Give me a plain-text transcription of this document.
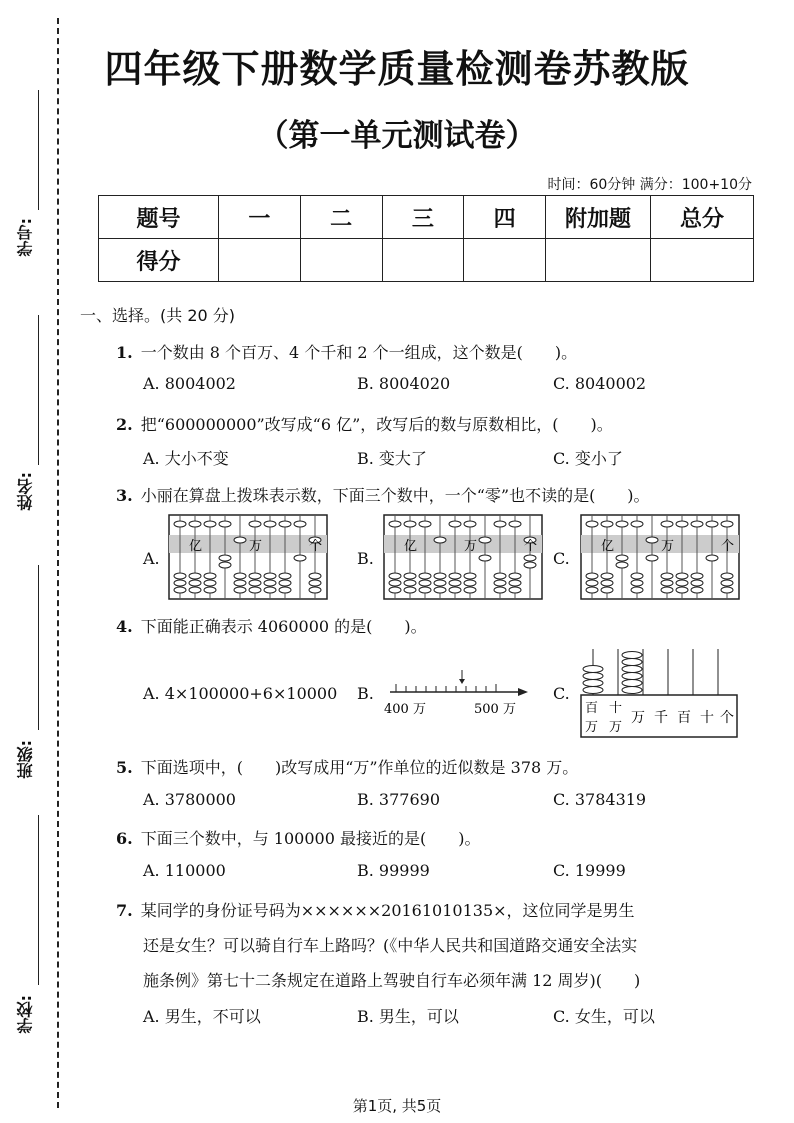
学号:
姓名:
班级:
学校:
四年级下册数学质量检测卷苏教版
（第一单元测试卷）
时间：60分钟 满分：100+10分
题号	一	二	三	四	附加题	总分
得分						
一、选择。(共 20 分)
1. 一个数由 8 个百万、4 个千和 2 个一组成，这个数是(　　)。
A. 8004002	B. 8004020	C. 8040002
2. 把“600000000”改写成“6 亿”，改写后的数与原数相比，(　　)。
A. 大小不变	B. 变大了	C. 变小了
3. 小丽在算盘上拨珠表示数，下面三个数中，一个“零”也不读的是(　　)。
A.	B.	C.
亿	万	个	亿	万	个	亿	万	个
4. 下面能正确表示 4060000 的是(　　)。
A. 4×100000+6×10000 B.	C.
400 万	500 万	百
万
十
万
万 千 百 十 个
5. 下面选项中，(　　)改写成用“万”作单位的近似数是 378 万。
A. 3780000	B. 377690	C. 3784319
6. 下面三个数中，与 100000 最接近的是(　　)。
A. 110000	B. 99999	C. 19999
7. 某同学的身份证号码为××××××20161010135×，这位同学是男生
还是女生？可以骑自行车上路吗？(《中华人民共和国道路交通安全法实
施条例》第七十二条规定在道路上驾驶自行车必须年满 12 周岁)(　　)
A. 男生，不可以	B. 男生，可以	C. 女生，可以
第1页, 共5页
